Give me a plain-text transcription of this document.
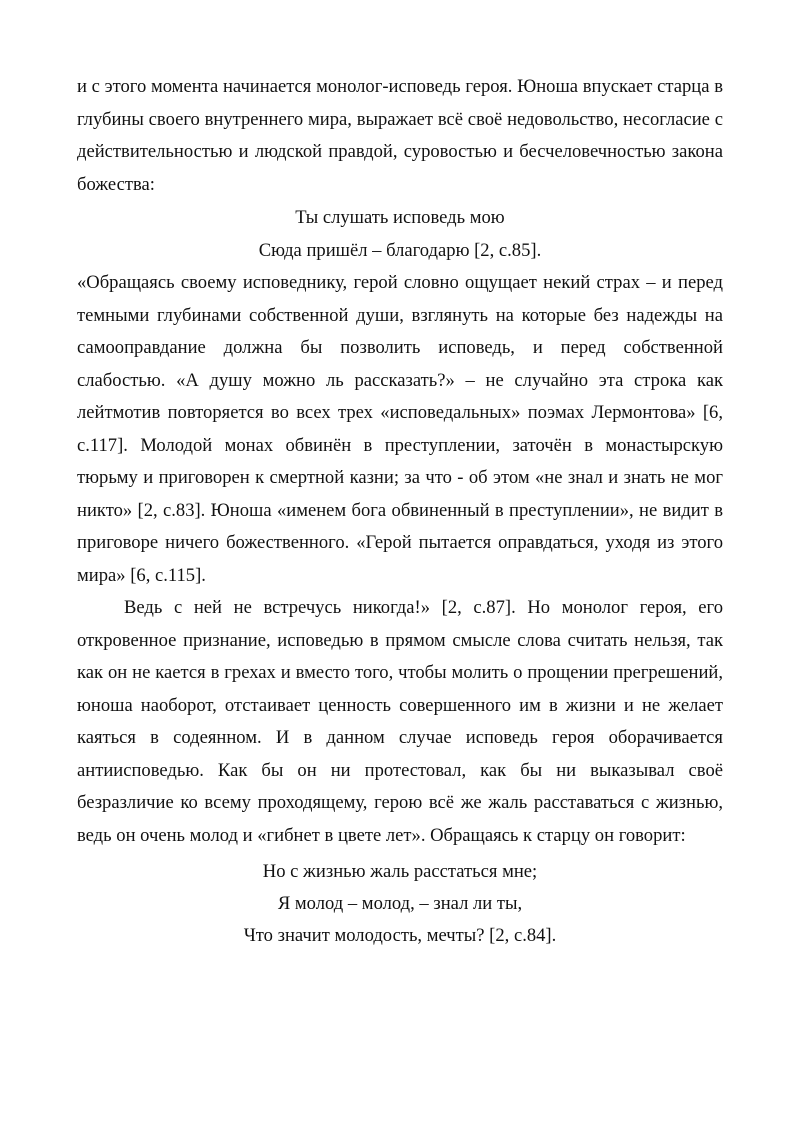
и с этого момента начинается монолог-исповедь героя. Юноша впускает старца в глубины своего внутреннего мира, выражает всё своё недовольство, несогласие с действительностью и людской правдой, суровостью и бесчеловечностью закона божества:

Ты слушать исповедь мою

Сюда пришёл – благодарю [2, с.85].

«Обращаясь своему исповеднику, герой словно ощущает некий страх – и перед темными глубинами собственной души, взглянуть на которые без надежды на самооправдание должна бы позволить исповедь, и перед собственной слабостью. «А душу можно ль рассказать?» – не случайно эта строка как лейтмотив повторяется во всех трех «исповедальных» поэмах Лермонтова» [6, с.117]. Молодой монах обвинён в преступлении, заточён в монастырскую тюрьму и приговорен к смертной казни; за что - об этом «не знал и знать не мог никто» [2, с.83]. Юноша «именем бога обвиненный в преступлении», не видит в приговоре ничего божественного. «Герой пытается оправдаться, уходя из этого мира» [6, с.115].

Ведь с ней не встречусь никогда!» [2, с.87]. Но монолог героя, его откровенное признание, исповедью в прямом смысле слова считать нельзя, так как он не кается в грехах и вместо того, чтобы молить о прощении прегрешений, юноша наоборот, отстаивает ценность совершенного им в жизни и не желает каяться в содеянном. И в данном случае исповедь героя оборачивается антиисповедью. Как бы он ни протестовал, как бы ни выказывал своё безразличие ко всему проходящему, герою всё же жаль расставаться с жизнью, ведь он очень молод и «гибнет в цвете лет». Обращаясь к старцу он говорит:

Но с жизнью жаль расстаться мне;

Я молод – молод, – знал ли ты,

Что значит молодость, мечты? [2, с.84].
